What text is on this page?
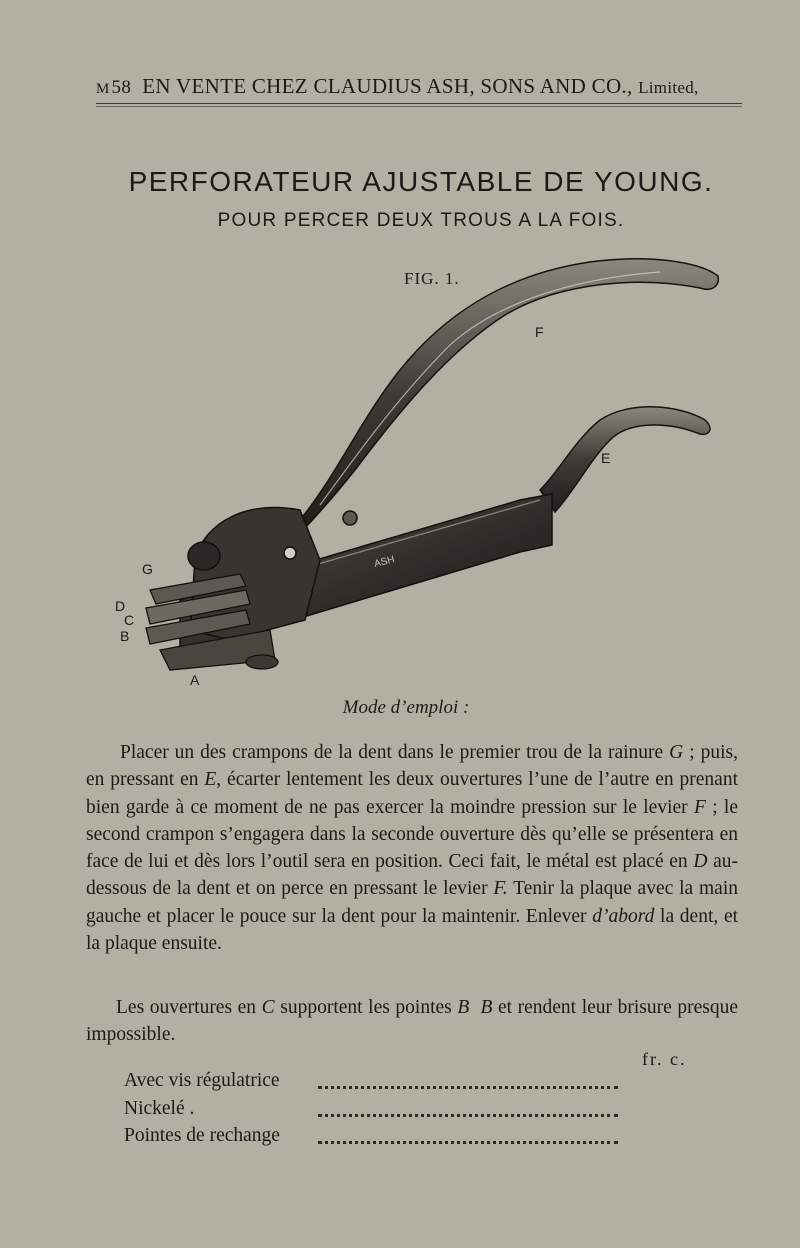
M 58 EN VENTE CHEZ CLAUDIUS ASH, SONS AND CO., Limited,
PERFORATEUR AJUSTABLE DE YOUNG.
POUR PERCER DEUX TROUS A LA FOIS.
FIG. 1.
ASH
F
E
G
D
C
B
A
Mode d’emploi :

Placer un des crampons de la dent dans le premier trou de la rainure G ; puis, en pressant en E, écarter lentement les deux ouvertures l’une de l’autre en prenant bien garde à ce moment de ne pas exercer la moindre pression sur le levier F ; le second crampon s’engagera dans la seconde ouverture dès qu’elle se présentera en face de lui et dès lors l’outil sera en position. Ceci fait, le métal est placé en D au-dessous de la dent et on perce en pressant le levier F. Tenir la plaque avec la main gauche et placer le pouce sur la dent pour la maintenir. Enlever d’abord la dent, et la plaque ensuite.

Les ouvertures en C supportent les pointes B B et rendent leur brisure presque impossible.

fr. c.
Avec vis régulatrice
Nickelé .
Pointes de rechange
